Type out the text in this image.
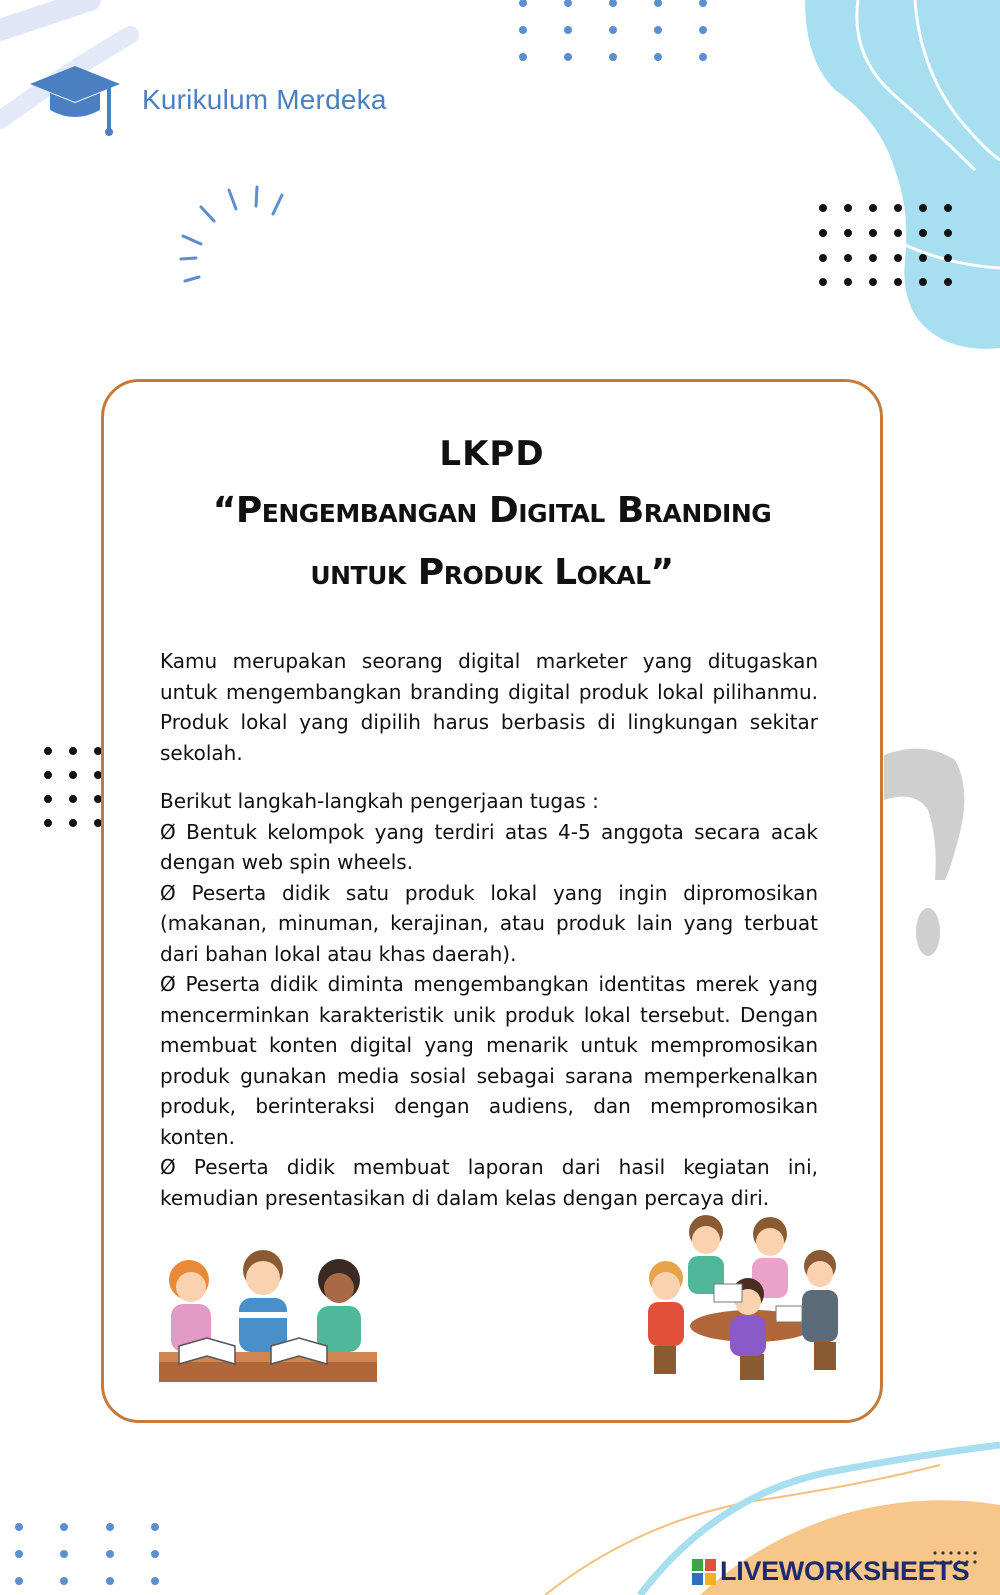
Kurikulum Merdeka
LKPD
“Pengembangan Digital Branding
untuk Produk Lokal”
Kamu merupakan seorang digital marketer yang ditugaskan untuk mengembangkan branding digital produk lokal pilihanmu. Produk lokal yang dipilih harus berbasis di lingkungan sekitar sekolah.

Berikut langkah-langkah pengerjaan tugas :

Ø Bentuk kelompok yang terdiri atas 4-5 anggota secara acak dengan web spin wheels.

Ø Peserta didik satu produk lokal yang ingin dipromosikan (makanan, minuman, kerajinan, atau produk lain yang terbuat dari bahan lokal atau khas daerah).

Ø Peserta didik diminta mengembangkan identitas merek yang mencerminkan karakteristik unik produk lokal tersebut. Dengan membuat konten digital yang menarik untuk mempromosikan produk gunakan media sosial sebagai sarana memperkenalkan produk, berinteraksi dengan audiens, dan mempromosikan konten.

Ø Peserta didik membuat laporan dari hasil kegiatan ini, kemudian presentasikan di dalam kelas dengan percaya diri.

LIVEWORKSHEETS
